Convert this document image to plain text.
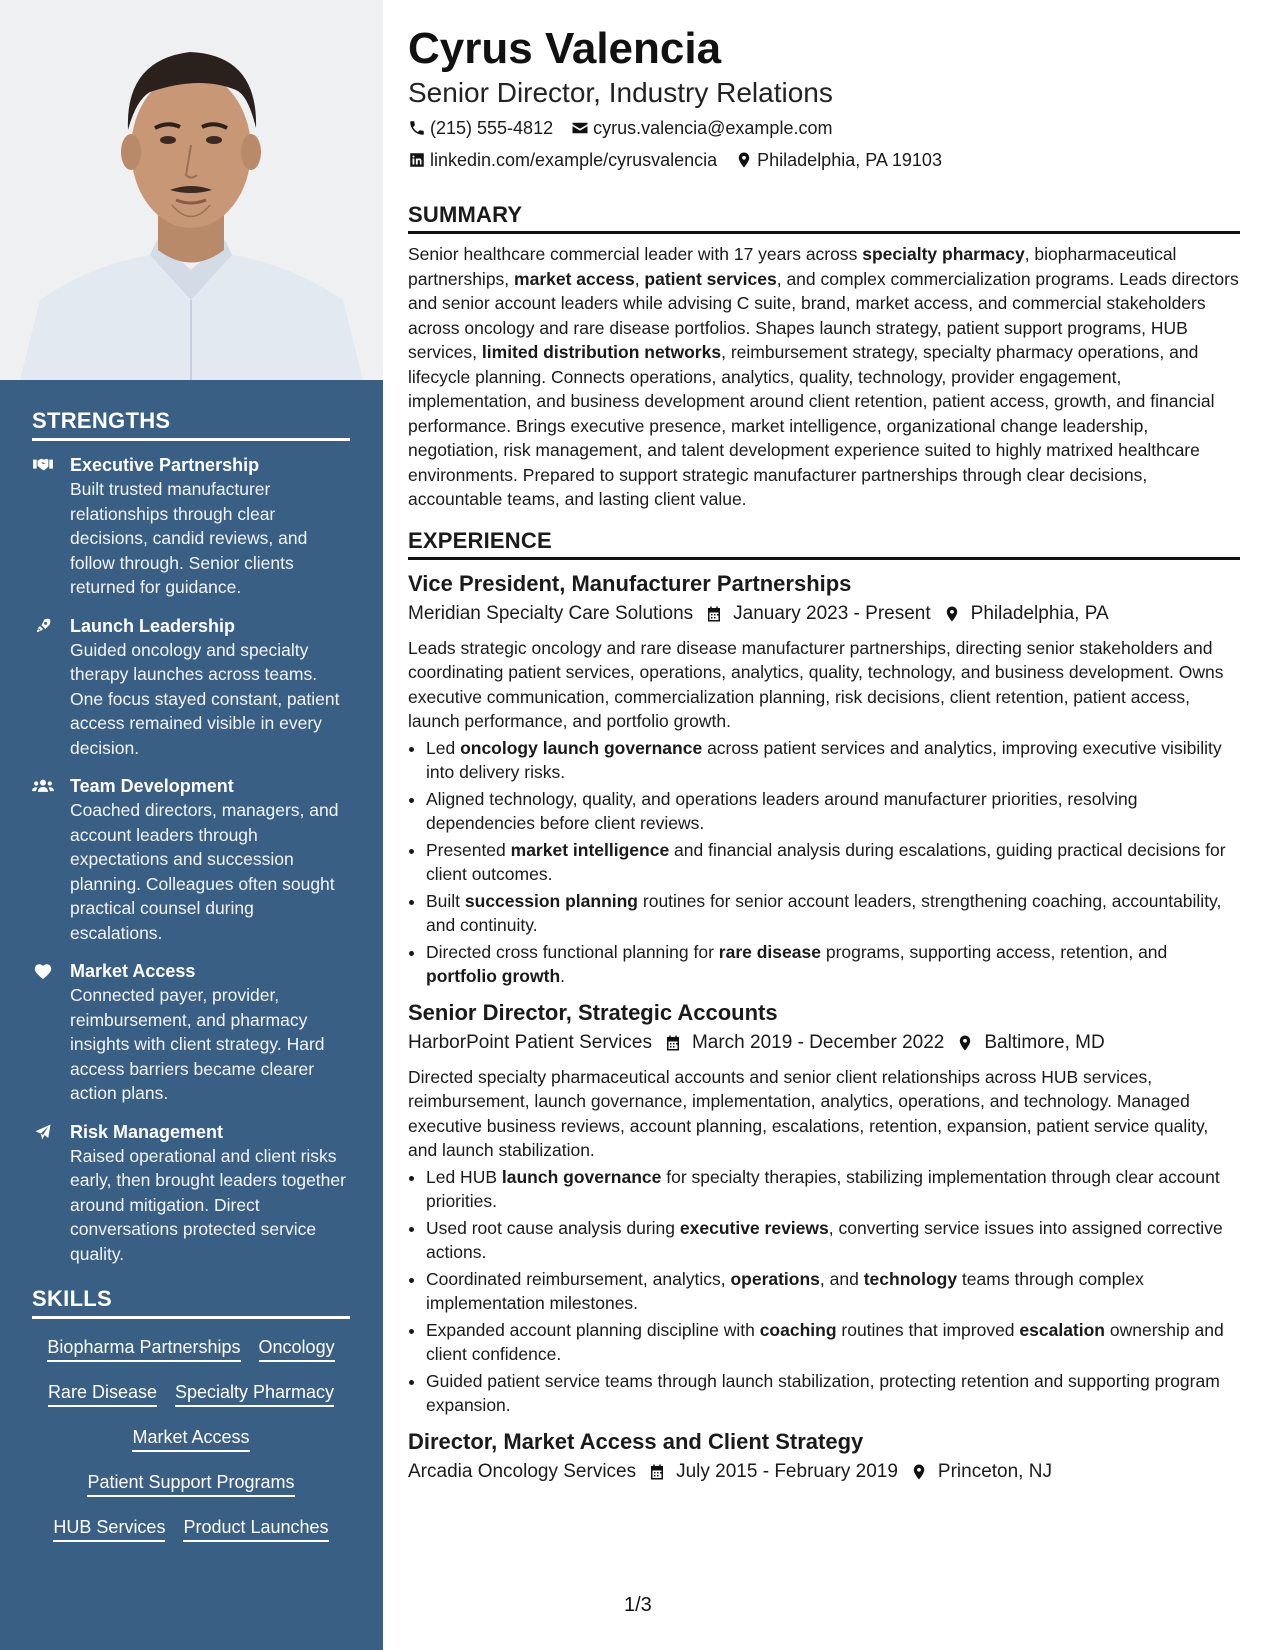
STRENGTHS
Executive Partnership
Built trusted manufacturer relationships through clear decisions, candid reviews, and follow through. Senior clients returned for guidance.
Launch Leadership
Guided oncology and specialty therapy launches across teams. One focus stayed constant, patient access remained visible in every decision.
Team Development
Coached directors, managers, and account leaders through expectations and succession planning. Colleagues often sought practical counsel during escalations.
Market Access
Connected payer, provider, reimbursement, and pharmacy insights with client strategy. Hard access barriers became clearer action plans.
Risk Management
Raised operational and client risks early, then brought leaders together around mitigation. Direct conversations protected service quality.
SKILLS
Biopharma Partnerships Oncology
Rare Disease Specialty Pharmacy
Market Access
Patient Support Programs
HUB Services Product Launches
Cyrus Valencia
Senior Director, Industry Relations
(215) 555-4812 cyrus.valencia@example.com
linkedin.com/example/cyrusvalencia Philadelphia, PA 19103
SUMMARY
Senior healthcare commercial leader with 17 years across specialty pharmacy, biopharmaceutical partnerships, market access, patient services, and complex commercialization programs. Leads directors and senior account leaders while advising C suite, brand, market access, and commercial stakeholders across oncology and rare disease portfolios. Shapes launch strategy, patient support programs, HUB services, limited distribution networks, reimbursement strategy, specialty pharmacy operations, and lifecycle planning. Connects operations, analytics, quality, technology, provider engagement, implementation, and business development around client retention, patient access, growth, and financial performance. Brings executive presence, market intelligence, organizational change leadership, negotiation, risk management, and talent development experience suited to highly matrixed healthcare environments. Prepared to support strategic manufacturer partnerships through clear decisions, accountable teams, and lasting client value.
EXPERIENCE
Vice President, Manufacturer Partnerships
Meridian Specialty Care Solutions January 2023 - Present Philadelphia, PA
Leads strategic oncology and rare disease manufacturer partnerships, directing senior stakeholders and coordinating patient services, operations, analytics, quality, technology, and business development. Owns executive communication, commercialization planning, risk decisions, client retention, patient access, launch performance, and portfolio growth.
• Led oncology launch governance across patient services and analytics, improving executive visibility into delivery risks.
• Aligned technology, quality, and operations leaders around manufacturer priorities, resolving dependencies before client reviews.
• Presented market intelligence and financial analysis during escalations, guiding practical decisions for client outcomes.
• Built succession planning routines for senior account leaders, strengthening coaching, accountability, and continuity.
• Directed cross functional planning for rare disease programs, supporting access, retention, and portfolio growth.
Senior Director, Strategic Accounts
HarborPoint Patient Services March 2019 - December 2022 Baltimore, MD
Directed specialty pharmaceutical accounts and senior client relationships across HUB services, reimbursement, launch governance, implementation, analytics, operations, and technology. Managed executive business reviews, account planning, escalations, retention, expansion, patient service quality, and launch stabilization.
• Led HUB launch governance for specialty therapies, stabilizing implementation through clear account priorities.
• Used root cause analysis during executive reviews, converting service issues into assigned corrective actions.
• Coordinated reimbursement, analytics, operations, and technology teams through complex implementation milestones.
• Expanded account planning discipline with coaching routines that improved escalation ownership and client confidence.
• Guided patient service teams through launch stabilization, protecting retention and supporting program expansion.
Director, Market Access and Client Strategy
Arcadia Oncology Services July 2015 - February 2019 Princeton, NJ
1/3
